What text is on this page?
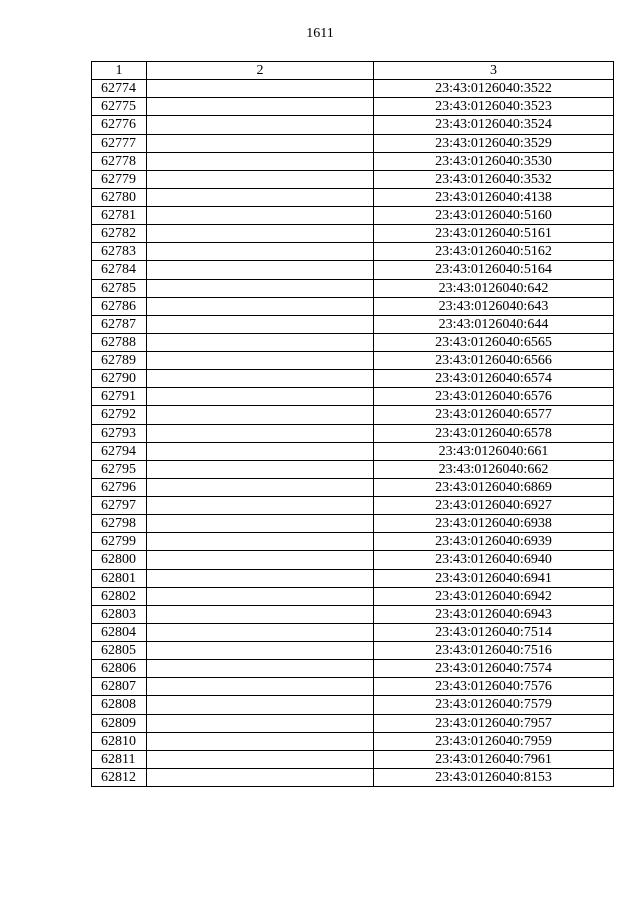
1611
1	2	3
62774		23:43:0126040:3522
62775		23:43:0126040:3523
62776		23:43:0126040:3524
62777		23:43:0126040:3529
62778		23:43:0126040:3530
62779		23:43:0126040:3532
62780		23:43:0126040:4138
62781		23:43:0126040:5160
62782		23:43:0126040:5161
62783		23:43:0126040:5162
62784		23:43:0126040:5164
62785		23:43:0126040:642
62786		23:43:0126040:643
62787		23:43:0126040:644
62788		23:43:0126040:6565
62789		23:43:0126040:6566
62790		23:43:0126040:6574
62791		23:43:0126040:6576
62792		23:43:0126040:6577
62793		23:43:0126040:6578
62794		23:43:0126040:661
62795		23:43:0126040:662
62796		23:43:0126040:6869
62797		23:43:0126040:6927
62798		23:43:0126040:6938
62799		23:43:0126040:6939
62800		23:43:0126040:6940
62801		23:43:0126040:6941
62802		23:43:0126040:6942
62803		23:43:0126040:6943
62804		23:43:0126040:7514
62805		23:43:0126040:7516
62806		23:43:0126040:7574
62807		23:43:0126040:7576
62808		23:43:0126040:7579
62809		23:43:0126040:7957
62810		23:43:0126040:7959
62811		23:43:0126040:7961
62812		23:43:0126040:8153
